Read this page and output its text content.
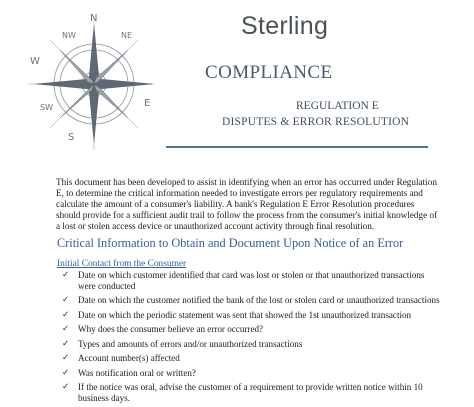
N
NW
W
SW
S
E
NE	Sterling
COMPLIANCE
REGULATION E
DISPUTES & ERROR RESOLUTION

This document has been developed to assist in identifying when an error has occurred under Regulation E, to determine the critical information needed to investigate errors per regulatory requirements and calculate the amount of a consumer's liability. A bank's Regulation E Error Resolution procedures should provide for a sufficient audit trail to follow the process from the consumer's initial knowledge of a lost or stolen access device or unauthorized account activity through final resolution.

Critical Information to Obtain and Document Upon Notice of an Error
Initial Contact from the Consumer
✓ Date on which customer identified that card was lost or stolen or that unauthorized transactions were conducted
✓ Date on which the customer notified the bank of the lost or stolen card or unauthorized transactions
✓ Date on which the periodic statement was sent that showed the 1st unauthorized transaction
✓ Why does the consumer believe an error occurred?
✓ Types and amounts of errors and/or unauthorized transactions
✓ Account number(s) affected
✓ Was notification oral or written?
✓ If the notice was oral, advise the customer of a requirement to provide written notice within 10 business days.
